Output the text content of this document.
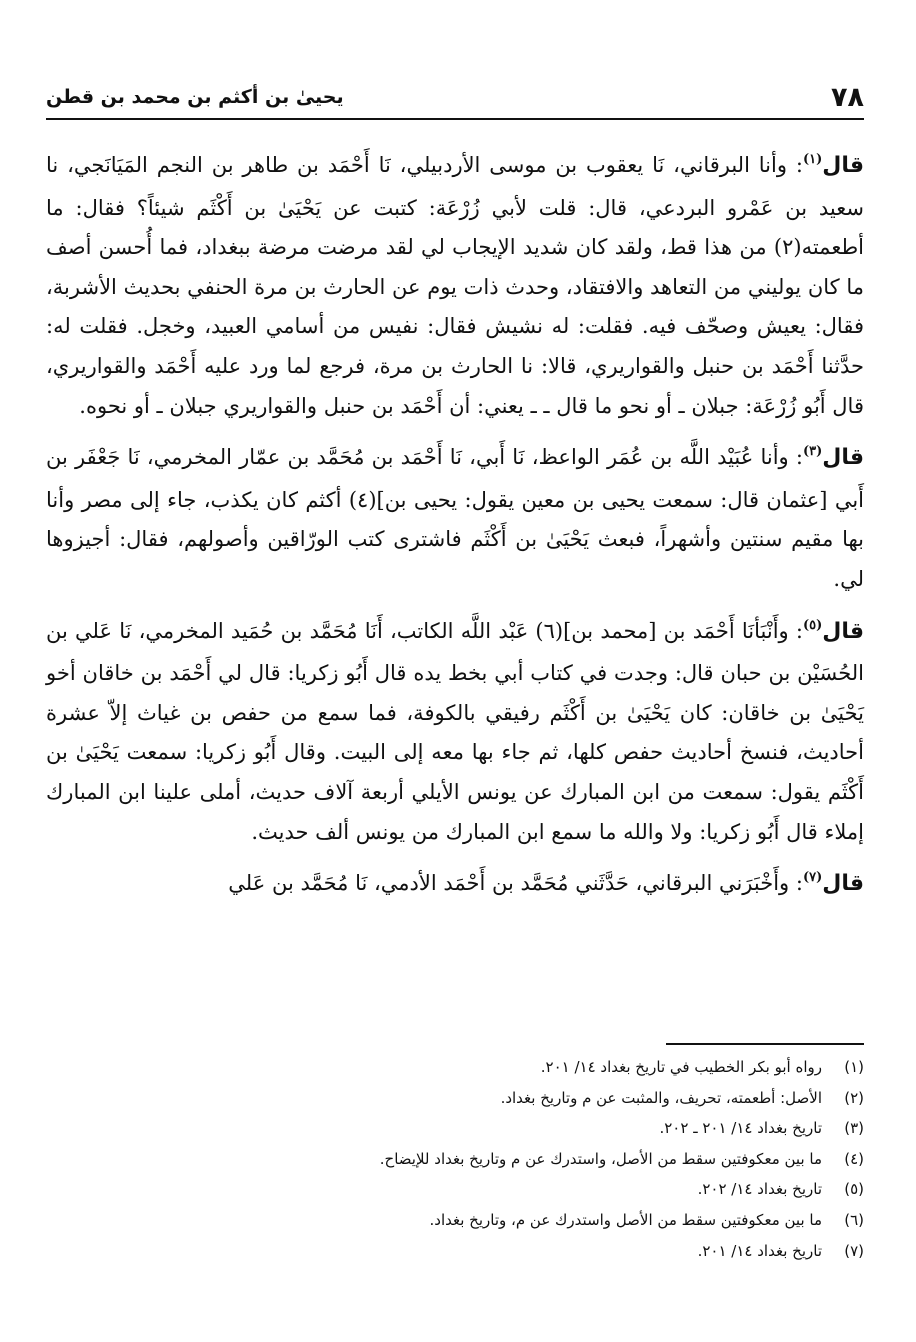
٧٨
يحيىٰ بن أكثم بن محمد بن قطن

قال$^{(١)}$: وأنا البرقاني، نَا يعقوب بن موسى الأردبيلي، نَا أَحْمَد بن طاهر بن النجم المَيَانَجي، نا سعيد بن عَمْرو البردعي، قال: قلت لأبي زُرْعَة: كتبت عن يَحْيَىٰ بن أَكْثَم شيئاً؟ فقال: ما أطعمته(٢) من هذا قط، ولقد كان شديد الإيجاب لي لقد مرضت مرضة ببغداد، فما أُحسن أصف ما كان يوليني من التعاهد والافتقاد، وحدث ذات يوم عن الحارث بن مرة الحنفي بحديث الأشربة، فقال: يعيش وصحّف فيه. فقلت: له نشيش فقال: نفيس من أسامي العبيد، وخجل. فقلت له: حدَّثنا أَحْمَد بن حنبل والقواريري، قالا: نا الحارث بن مرة، فرجع لما ورد عليه أَحْمَد والقواريري، قال أَبُو زُرْعَة: جبلان ـ أو نحو ما قال ـ ـ يعني: أن أَحْمَد بن حنبل والقواريري جبلان ـ أو نحوه.

قال$^{(٣)}$: وأنا عُبَيْد اللَّه بن عُمَر الواعظ، نَا أَبي، نَا أَحْمَد بن مُحَمَّد بن عمّار المخرمي، نَا جَعْفَر بن أَبي [عثمان قال: سمعت يحيى بن معين يقول: يحيى بن](٤) أكثم كان يكذب، جاء إلى مصر وأنا بها مقيم سنتين وأشهراً، فبعث يَحْيَىٰ بن أَكْثَم فاشترى كتب الورّاقين وأصولهم، فقال: أجيزوها لي.

قال$^{(٥)}$: وأَنْبَأنَا أَحْمَد بن [محمد بن](٦) عَبْد اللَّه الكاتب، أَنَا مُحَمَّد بن حُمَيد المخرمي، نَا عَلي بن الحُسَيْن بن حبان قال: وجدت في كتاب أبي بخط يده قال أَبُو زكريا: قال لي أَحْمَد بن خاقان أخو يَحْيَىٰ بن خاقان: كان يَحْيَىٰ بن أَكْثَم رفيقي بالكوفة، فما سمع من حفص بن غياث إلاّ عشرة أحاديث، فنسخ أحاديث حفص كلها، ثم جاء بها معه إلى البيت. وقال أَبُو زكريا: سمعت يَحْيَىٰ بن أَكْثَم يقول: سمعت من ابن المبارك عن يونس الأيلي أربعة آلاف حديث، أملى علينا ابن المبارك إملاء قال أَبُو زكريا: ولا والله ما سمع ابن المبارك من يونس ألف حديث.

قال$^{(٧)}$: وأَخْبَرَني البرقاني، حَدَّثَني مُحَمَّد بن أَحْمَد الأدمي، نَا مُحَمَّد بن عَلي

(١)رواه أبو بكر الخطيب في تاريخ بغداد ١٤/ ٢٠١.
(٢)الأصل: أطعمته، تحريف، والمثبت عن م وتاريخ بغداد.
(٣)تاريخ بغداد ١٤/ ٢٠١ ـ ٢٠٢.
(٤)ما بين معكوفتين سقط من الأصل، واستدرك عن م وتاريخ بغداد للإيضاح.
(٥)تاريخ بغداد ١٤/ ٢٠٢.
(٦)ما بين معكوفتين سقط من الأصل واستدرك عن م، وتاريخ بغداد.
(٧)تاريخ بغداد ١٤/ ٢٠١.
